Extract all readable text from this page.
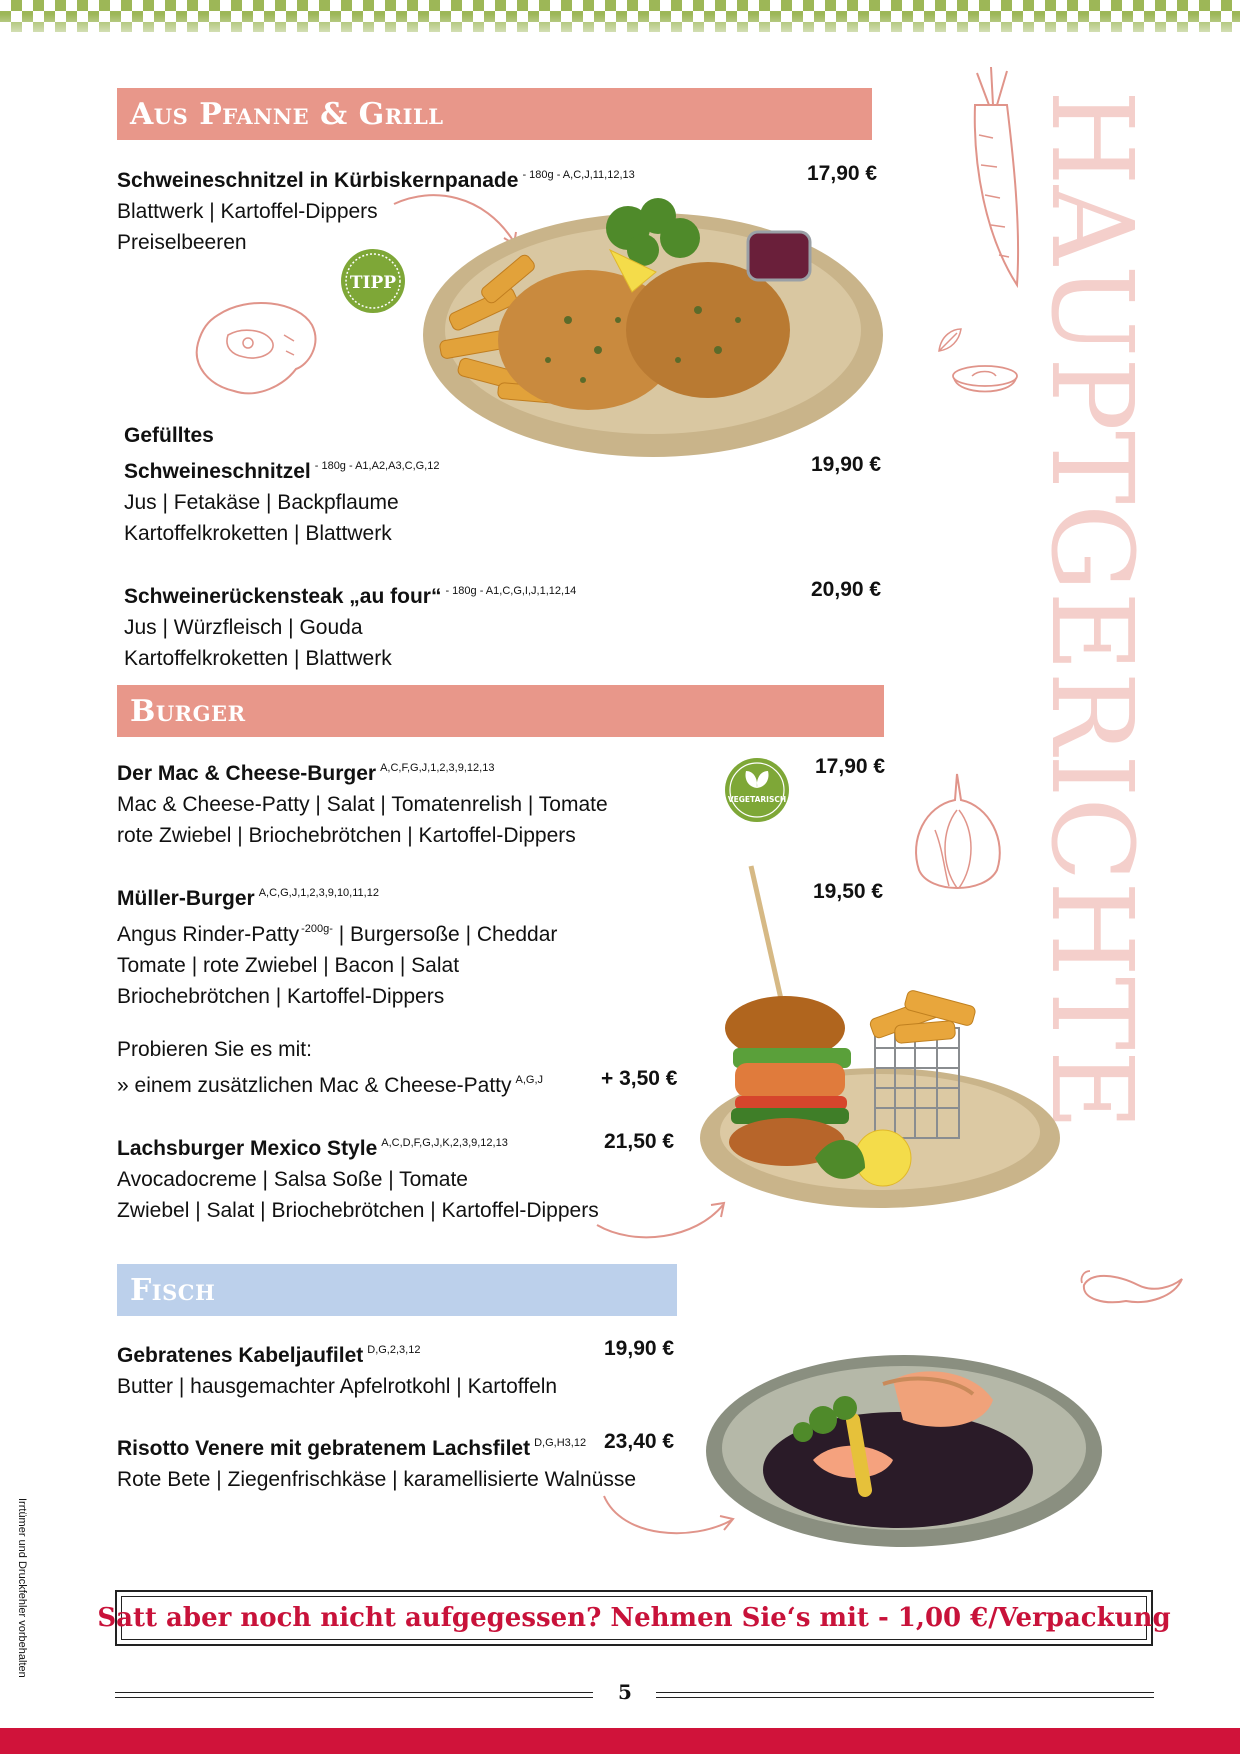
HAUPTGERICHTE
Aus Pfanne & Grill
Burger
Fisch
TIPP
VEGETARISCH
Schweineschnitzel in Kürbiskernpanade $^{- 180g - A,C,J,11,12,13}$
Blattwerk | Kartoffel-Dippers
Preiselbeeren
17,90 €
Gefülltes
Schweineschnitzel $^{- 180g - A1,A2,A3,C,G,12}$
Jus | Fetakäse | Backpflaume
Kartoffelkroketten | Blattwerk
19,90 €
Schweinerückensteak „au four“ $^{- 180g - A1,C,G,I,J,1,12,14}$
Jus | Würzfleisch | Gouda
Kartoffelkroketten | Blattwerk
20,90 €
Der Mac & Cheese-Burger $^{A,C,F,G,J,1,2,3,9,12,13}$
Mac & Cheese-Patty | Salat | Tomatenrelish | Tomate
rote Zwiebel | Briochebrötchen | Kartoffel-Dippers
17,90 €
Müller-Burger $^{A,C,G,J,1,2,3,9,10,11,12}$
Angus Rinder-Patty $^{-200g-}$ | Burgersoße | Cheddar
Tomate | rote Zwiebel | Bacon | Salat
Briochebrötchen | Kartoffel-Dippers
19,50 €
Probieren Sie es mit:
» einem zusätzlichen Mac & Cheese-Patty $^{A,G,J}$	+ 3,50 €
Lachsburger Mexico Style $^{A,C,D,F,G,J,K,2,3,9,12,13}$
Avocadocreme | Salsa Soße | Tomate
Zwiebel | Salat | Briochebrötchen | Kartoffel-Dippers
21,50 €
Gebratenes Kabeljaufilet $^{D,G,2,3,12}$
Butter | hausgemachter Apfelrotkohl | Kartoffeln
19,90 €
Risotto Venere mit gebratenem Lachsfilet $^{D,G,H3,12}$
Rote Bete | Ziegenfrischkäse | karamellisierte Walnüsse
23,40 €
Satt aber noch nicht aufgegessen? Nehmen Sie‘s mit - 1,00 €/Verpackung
5
Irrtümer und Druckfehler vorbehalten
